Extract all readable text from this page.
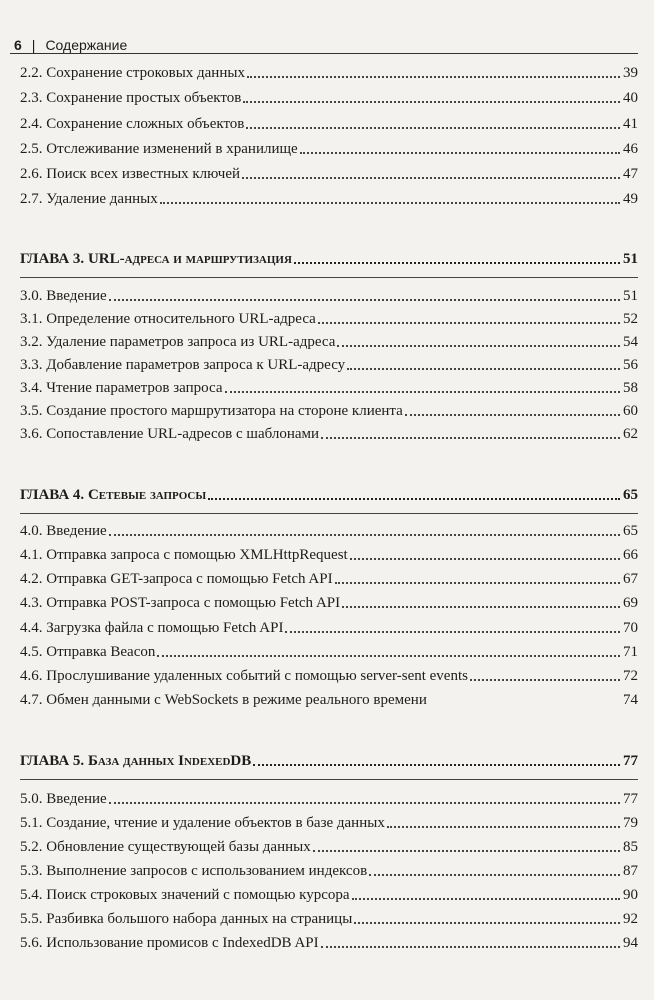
6 | Содержание
2.2. Сохранение строковых данных	39
2.3. Сохранение простых объектов	40
2.4. Сохранение сложных объектов	41
2.5. Отслеживание изменений в хранилище	46
2.6. Поиск всех известных ключей	47
2.7. Удаление данных	49
ГЛАВА 3. URL-адреса и маршрутизация	51
3.0. Введение	51
3.1. Определение относительного URL-адреса	52
3.2. Удаление параметров запроса из URL-адреса	54
3.3. Добавление параметров запроса к URL-адресу	56
3.4. Чтение параметров запроса	58
3.5. Создание простого маршрутизатора на стороне клиента	60
3.6. Сопоставление URL-адресов с шаблонами	62
ГЛАВА 4. Сетевые запросы	65
4.0. Введение	65
4.1. Отправка запроса с помощью XMLHttpRequest	66
4.2. Отправка GET-запроса с помощью Fetch API	67
4.3. Отправка POST-запроса с помощью Fetch API	69
4.4. Загрузка файла с помощью Fetch API	70
4.5. Отправка Beacon	71
4.6. Прослушивание удаленных событий с помощью server-sent events	72
4.7. Обмен данными с WebSockets в режиме реального времени	74
ГЛАВА 5. База данных IndexedDB	77
5.0. Введение	77
5.1. Создание, чтение и удаление объектов в базе данных	79
5.2. Обновление существующей базы данных	85
5.3. Выполнение запросов с использованием индексов	87
5.4. Поиск строковых значений с помощью курсора	90
5.5. Разбивка большого набора данных на страницы	92
5.6. Использование промисов с IndexedDB API	94
